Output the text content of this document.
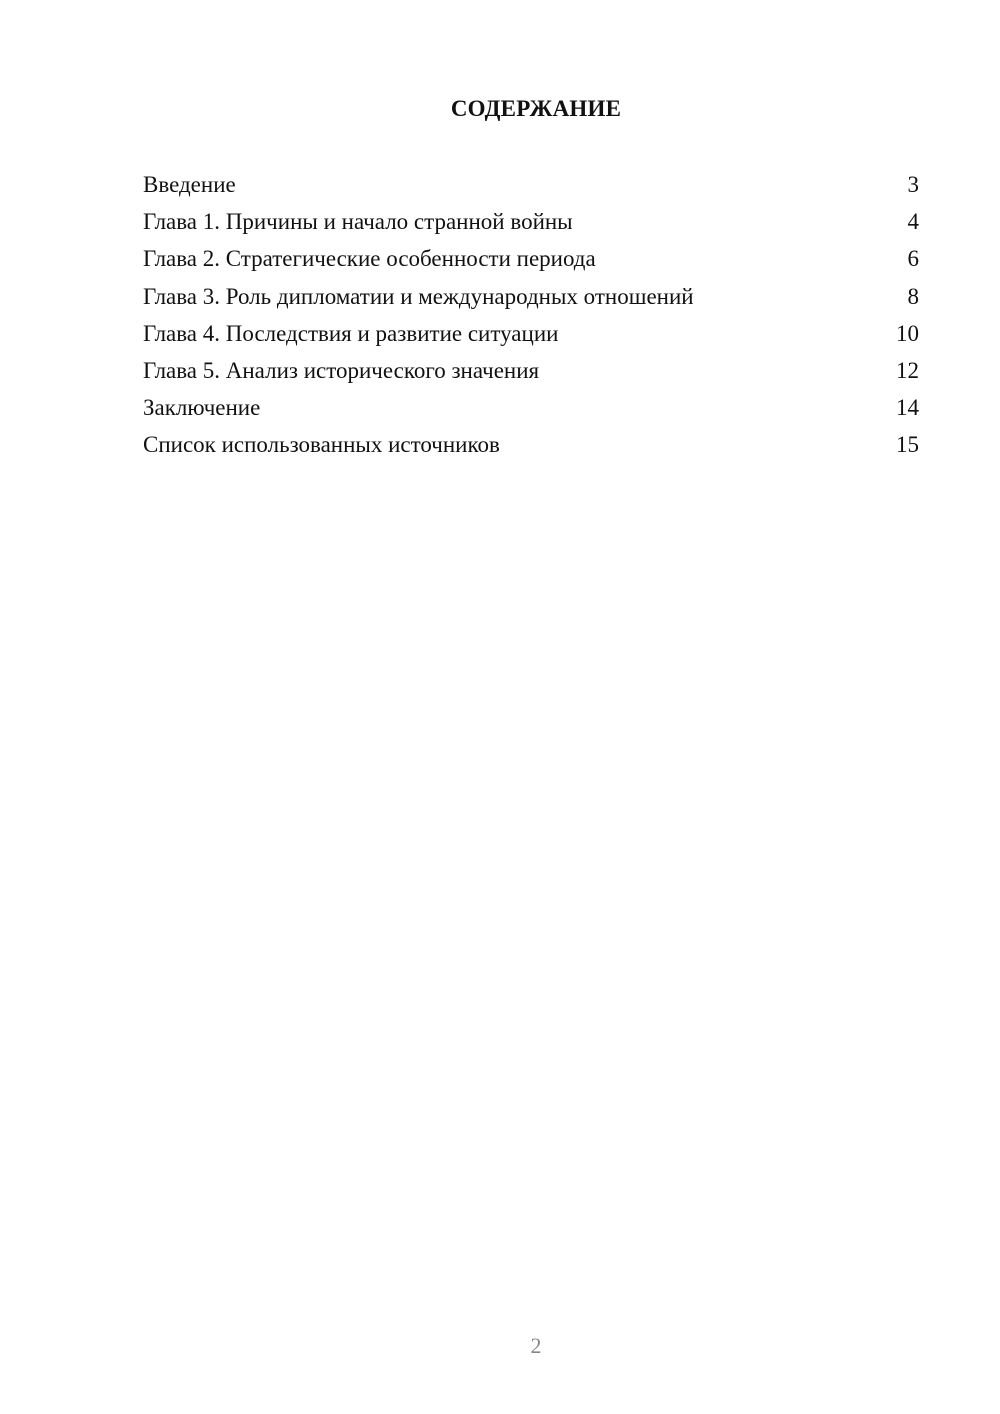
СОДЕРЖАНИЕ
Введение	3
Глава 1. Причины и начало странной войны	4
Глава 2. Стратегические особенности периода	6
Глава 3. Роль дипломатии и международных отношений	8
Глава 4. Последствия и развитие ситуации	10
Глава 5. Анализ исторического значения	12
Заключение	14
Список использованных источников	15
2
